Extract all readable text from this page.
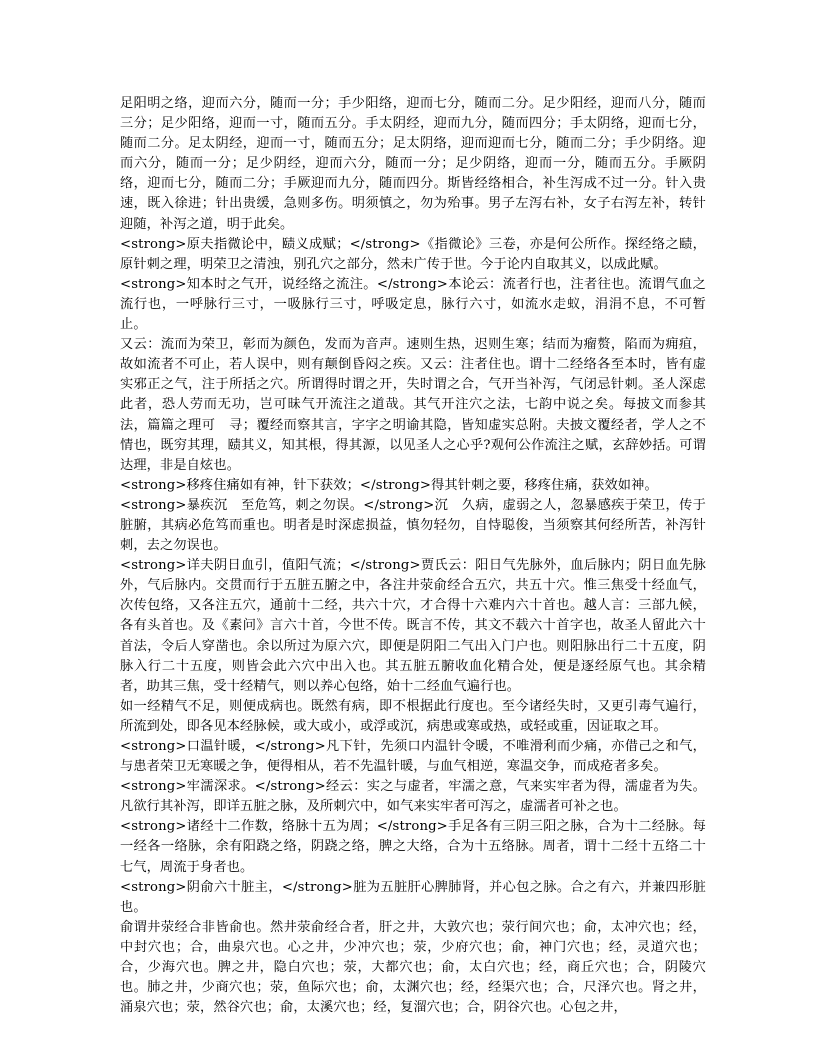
足阳明之络，迎而六分，随而一分；手少阳络，迎而七分，随而二分。足少阳经，迎而八分，随而三分；足少阳络，迎而一寸，随而五分。手太阴经，迎而九分，随而四分；手太阴络，迎而七分，随而二分。足太阴经，迎而一寸，随而五分；足太阴络，迎而迎而七分，随而二分；手少阴络。迎而六分，随而一分；足少阴经，迎而六分，随而一分；足少阴络，迎而一分，随而五分。手厥阴络，迎而七分，随而二分；手厥迎而九分，随而四分。斯皆经络相合，补生泻成不过一分。针入贵速，既入徐进；针出贵缓，急则多伤。明须慎之，勿为殆事。男子左泻右补，女子右泻左补，转针迎随，补泻之道，明于此矣。

<strong>原夫指微论中，赜义成赋；</strong>《指微论》三卷，亦是何公所作。探经络之赜，原针刺之理，明荣卫之清浊，别孔穴之部分，然未广传于世。今于论内自取其义，以成此赋。

<strong>知本时之气开，说经络之流注。</strong>本论云：流者行也，注者往也。流谓气血之流行也，一呼脉行三寸，一吸脉行三寸，呼吸定息，脉行六寸，如流水走蚁，涓涓不息，不可暂止。

又云：流而为荣卫，彰而为颜色，发而为音声。速则生热，迟则生寒；结而为瘤赘，陷而为痈疽，故如流者不可止，若人误中，则有颠倒昏闷之疾。又云：注者住也。谓十二经络各至本时，皆有虚实邪正之气，注于所括之穴。所谓得时谓之开，失时谓之合，气开当补泻，气闭忌针刺。圣人深虑此者，恐人劳而无功，岂可昧气开流注之道哉。其气开注穴之法，七韵中说之矣。每披文而参其法，篇篇之理可　寻；覆经而察其言，字字之明谕其隐，皆知虚实总附。夫披文覆经者，学人之不情也，既穷其理，赜其义，知其根，得其源，以见圣人之心乎?观何公作流注之赋，玄辞妙括。可谓达理，非是自炫也。

<strong>移疼住痛如有神，针下获效；</strong>得其针刺之要，移疼住痛，获效如神。

<strong>暴疾沉　至危笃，刺之勿误。</strong>沉　久病，虚弱之人，忽暴感疾于荣卫，传于脏腑，其病必危笃而重也。明者是时深虑损益，慎勿轻勿，自恃聪俊，当须察其何经所苦，补泻针刺，去之勿误也。

<strong>详夫阴日血引，值阳气流；</strong>贾氏云：阳日气先脉外，血后脉内；阴日血先脉外，气后脉内。交贯而行于五脏五腑之中，各注井荥俞经合五穴，共五十穴。惟三焦受十经血气，次传包络，又各注五穴，通前十二经，共六十穴，才合得十六难内六十首也。越人言：三部九候，各有头首也。及《素问》言六十首，今世不传。既言不传，其文不载六十首字也，故圣人留此六十首法，令后人穿凿也。余以所过为原六穴，即便是阴阳二气出入门户也。则阳脉出行二十五度，阴脉入行二十五度，则皆会此六穴中出入也。其五脏五腑收血化精合处，便是逐经原气也。其余精者，助其三焦，受十经精气，则以养心包络，始十二经血气遍行也。

如一经精气不足，则便成病也。既然有病，即不根据此行度也。至今诸经失时，又更引毒气遍行，所流到处，即各见本经脉候，或大或小，或浮或沉，病患或寒或热，或轻或重，因证取之耳。

<strong>口温针暖，</strong>凡下针，先须口内温针令暖，不唯滑利而少痛，亦借己之和气，与患者荣卫无寒暖之争，便得相从，若不先温针暖，与血气相逆，寒温交争，而成疮者多矣。

<strong>牢濡深求。</strong>经云：实之与虚者，牢濡之意，气来实牢者为得，濡虚者为失。凡欲行其补泻，即详五脏之脉，及所刺穴中，如气来实牢者可泻之，虚濡者可补之也。

<strong>诸经十二作数，络脉十五为周；</strong>手足各有三阴三阳之脉，合为十二经脉。每一经各一络脉，余有阳跷之络，阴跷之络，脾之大络，合为十五络脉。周者，谓十二经十五络二十七气，周流于身者也。

<strong>阴俞六十脏主，</strong>脏为五脏肝心脾肺肾，并心包之脉。合之有六，并兼四形脏也。

俞谓井荥经合非皆俞也。然井荥俞经合者，肝之井，大敦穴也；荥行间穴也；俞，太冲穴也；经，中封穴也；合，曲泉穴也。心之井，少冲穴也；荥，少府穴也；俞，神门穴也；经，灵道穴也；合，少海穴也。脾之井，隐白穴也；荥，大都穴也；俞，太白穴也；经，商丘穴也；合，阴陵穴也。肺之井，少商穴也；荥，鱼际穴也；俞，太渊穴也；经，经渠穴也；合，尺泽穴也。肾之井，涌泉穴也；荥，然谷穴也；俞，太溪穴也；经，复溜穴也；合，阴谷穴也。心包之井，
